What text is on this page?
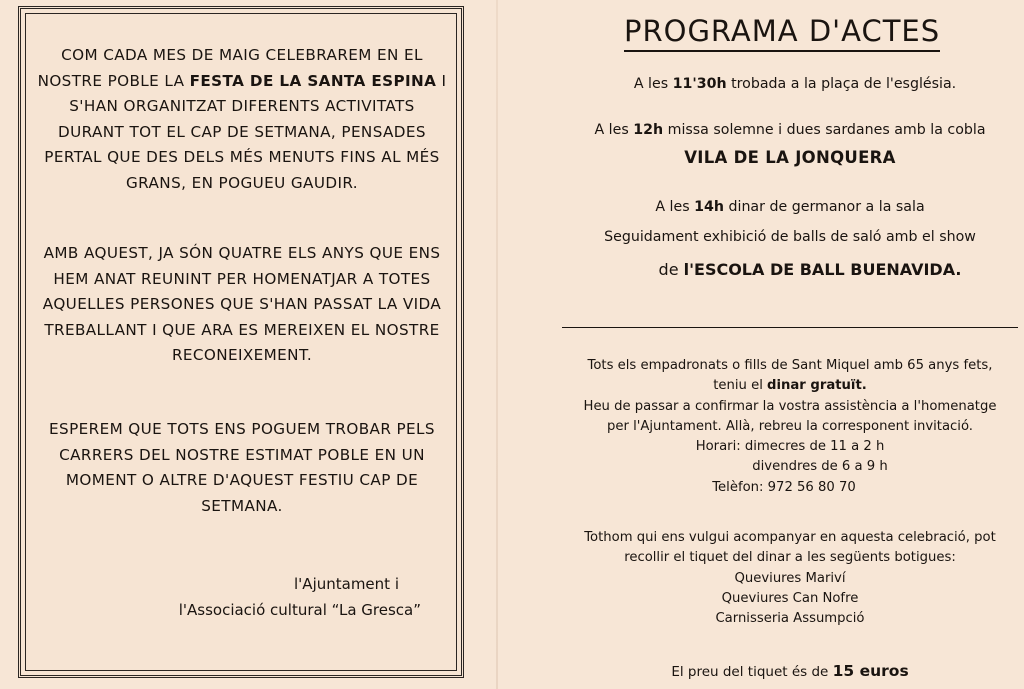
COM CADA MES DE MAIG CELEBRAREM EN EL NOSTRE POBLE LA FESTA DE LA SANTA ESPINA I S'HAN ORGANITZAT DIFERENTS ACTIVITATS DURANT TOT EL CAP DE SETMANA, PENSADES PERTAL QUE DES DELS MÉS MENUTS FINS AL MÉS GRANS, EN POGUEU GAUDIR.

AMB AQUEST, JA SÓN QUATRE ELS ANYS QUE ENS HEM ANAT REUNINT PER HOMENATJAR A TOTES AQUELLES PERSONES QUE S'HAN PASSAT LA VIDA TREBALLANT I QUE ARA ES MEREIXEN EL NOSTRE RECONEIXEMENT.

ESPEREM QUE TOTS ENS POGUEM TROBAR PELS CARRERS DEL NOSTRE ESTIMAT POBLE EN UN MOMENT O ALTRE D'AQUEST FESTIU CAP DE SETMANA.

l'Ajuntament i
l'Associació cultural “La Gresca”
PROGRAMA D'ACTES
A les 11'30h trobada a la plaça de l'església.
A les 12h missa solemne i dues sardanes amb la cobla
VILA DE LA JONQUERA
A les 14h dinar de germanor a la sala
Seguidament exhibició de balls de saló amb el show
de l'ESCOLA DE BALL BUENAVIDA.
Tots els empadronats o fills de Sant Miquel amb 65 anys fets,
teniu el dinar gratuït.
Heu de passar a confirmar la vostra assistència a l'homenatge
per l'Ajuntament. Allà, rebreu la corresponent invitació.
Horari: dimecres de 11 a 2 h
divendres de 6 a 9 h
Telèfon: 972 56 80 70
Tothom qui ens vulgui acompanyar en aquesta celebració, pot
recollir el tiquet del dinar a les següents botigues:
Queviures Mariví
Queviures Can Nofre
Carnisseria Assumpció
El preu del tiquet és de 15 euros
